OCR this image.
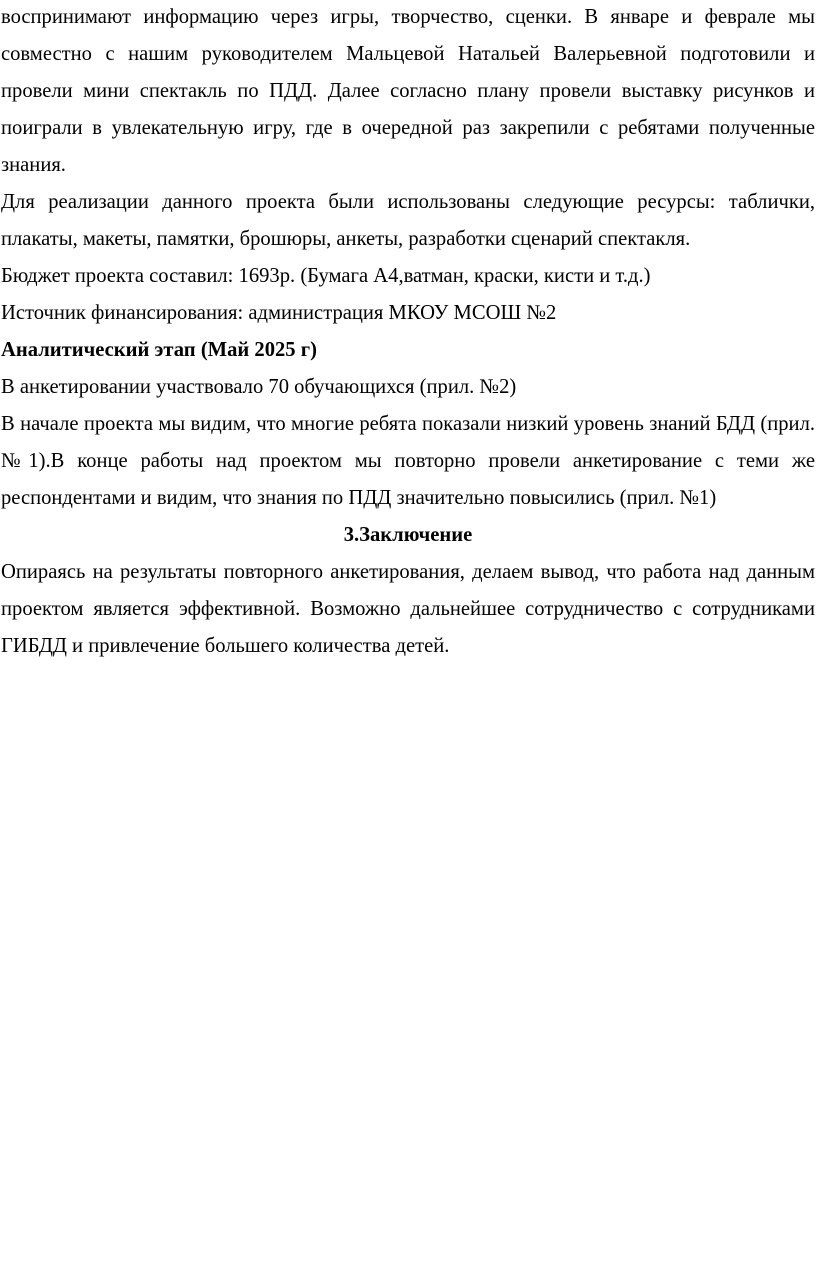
воспринимают информацию через игры, творчество, сценки. В январе и феврале мы совместно с нашим руководителем Мальцевой Натальей Валерьевной подготовили и провели мини спектакль по ПДД. Далее согласно плану провели выставку рисунков и поиграли в увлекательную игру, где в очередной раз закрепили с ребятами полученные знания.

Для реализации данного проекта были использованы следующие ресурсы: таблички, плакаты, макеты, памятки, брошюры, анкеты, разработки сценарий спектакля.

Бюджет проекта составил: 1693р. (Бумага А4,ватман, краски, кисти и т.д.)

Источник финансирования: администрация МКОУ МСОШ №2

Аналитический этап (Май 2025 г)

В анкетировании участвовало 70 обучающихся (прил. №2)

В начале проекта мы видим, что многие ребята показали низкий уровень знаний БДД (прил. №1).В конце работы над проектом мы повторно провели анкетирование с теми же респондентами и видим, что знания по ПДД значительно повысились (прил. №1)

3.Заключение

Опираясь на результаты повторного анкетирования, делаем вывод, что работа над данным проектом является эффективной. Возможно дальнейшее сотрудничество с сотрудниками ГИБДД и привлечение большего количества детей.
